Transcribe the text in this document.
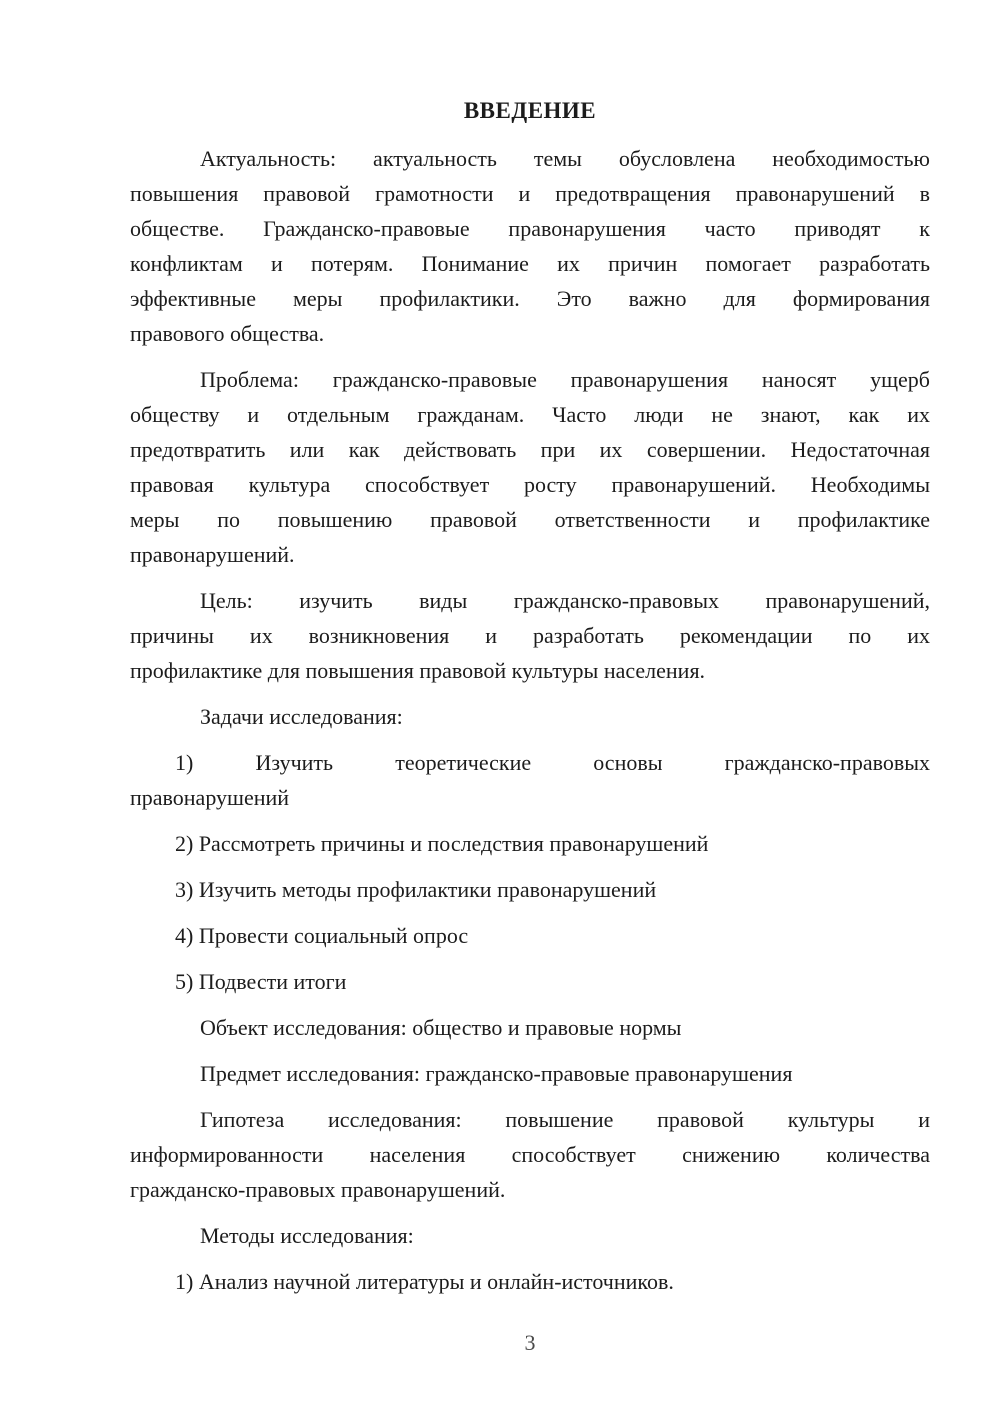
ВВЕДЕНИЕ

Актуальность: актуальность темы обусловлена необходимостью
повышения правовой грамотности и предотвращения правонарушений в
обществе. Гражданско-правовые правонарушения часто приводят к
конфликтам и потерям. Понимание их причин помогает разработать
эффективные меры профилактики. Это важно для формирования
правового общества.

Проблема: гражданско-правовые правонарушения наносят ущерб
обществу и отдельным гражданам. Часто люди не знают, как их
предотвратить или как действовать при их совершении. Недостаточная
правовая культура способствует росту правонарушений. Необходимы
меры по повышению правовой ответственности и профилактике
правонарушений.

Цель: изучить виды гражданско-правовых правонарушений,
причины их возникновения и разработать рекомендации по их
профилактике для повышения правовой культуры населения.

Задачи исследования:

1) Изучить теоретические основы гражданско-правовых
правонарушений

2) Рассмотреть причины и последствия правонарушений

3) Изучить методы профилактики правонарушений

4) Провести социальный опрос

5) Подвести итоги

Объект исследования: общество и правовые нормы

Предмет исследования: гражданско-правовые правонарушения

Гипотеза исследования: повышение правовой культуры и
информированности населения способствует снижению количества
гражданско-правовых правонарушений.

Методы исследования:

1) Анализ научной литературы и онлайн-источников.

3
